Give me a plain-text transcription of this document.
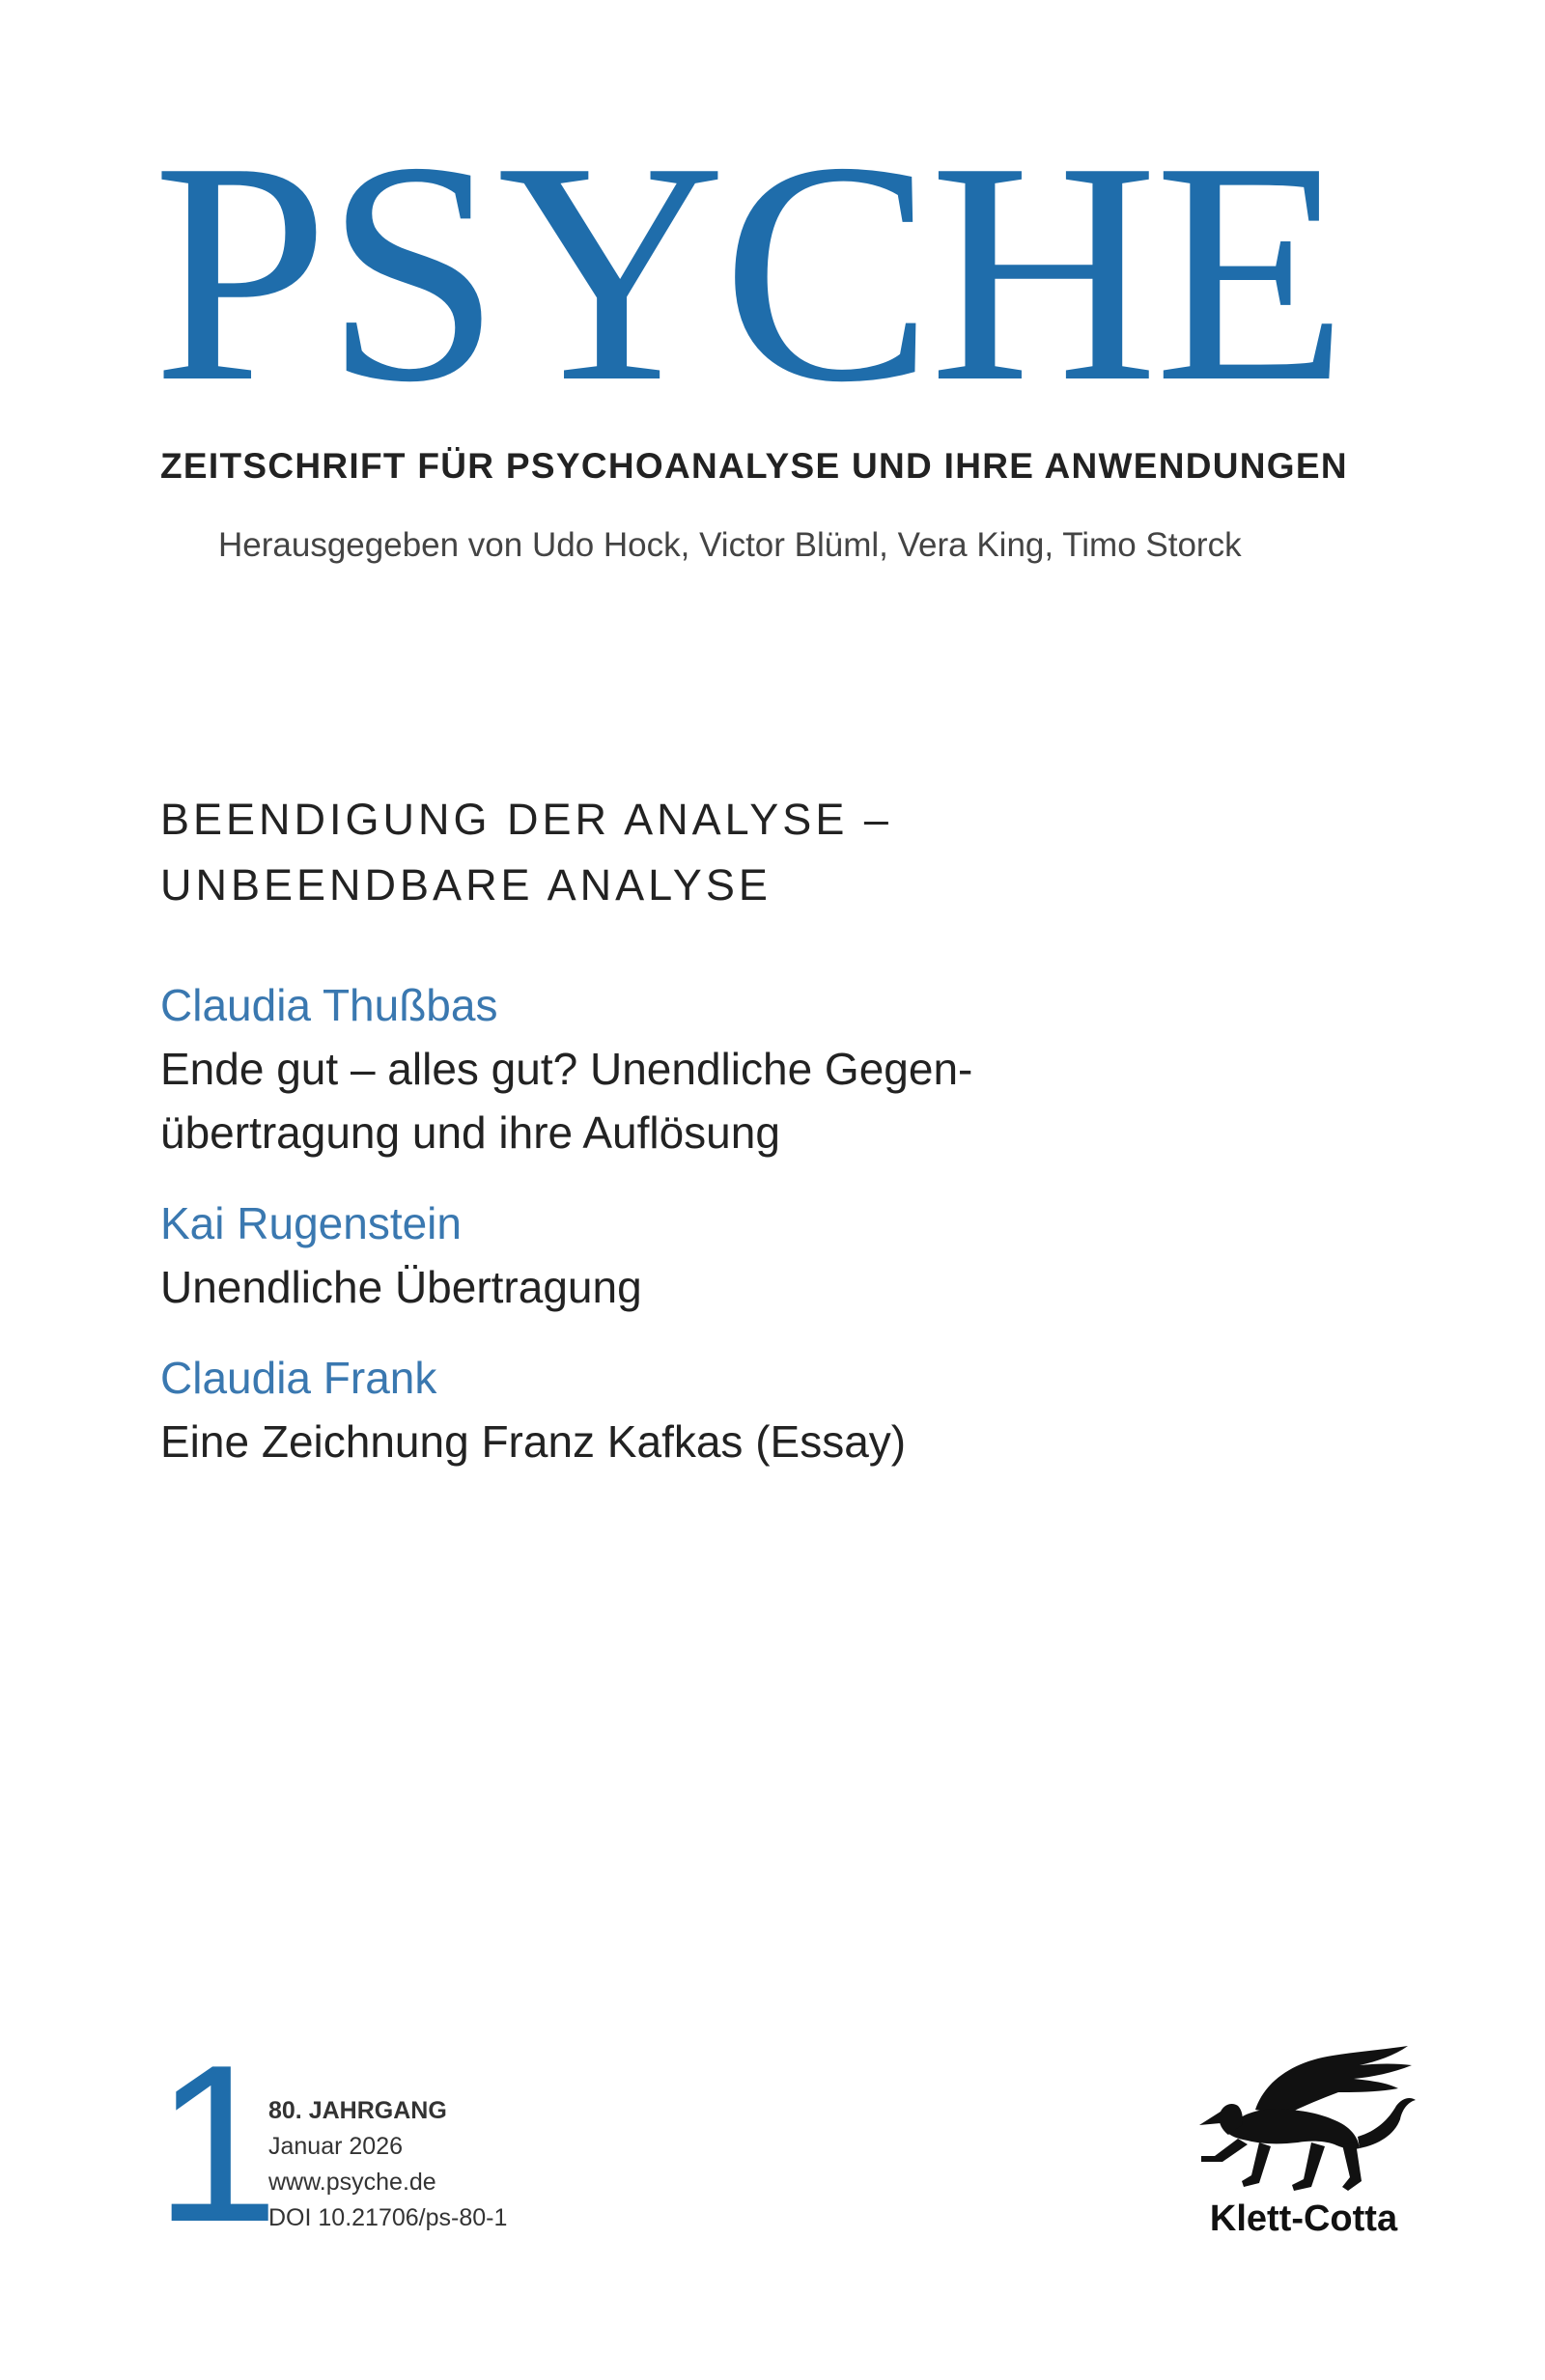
PSYCHE

ZEITSCHRIFT FÜR PSYCHOANALYSE UND IHRE ANWENDUNGEN

Herausgegeben von Udo Hock, Victor Blüml, Vera King, Timo Storck

BEENDIGUNG DER ANALYSE –
UNBEENDBARE ANALYSE
Claudia Thußbas
Ende gut – alles gut? Unendliche Gegen-
übertragung und ihre Auflösung
Kai Rugenstein
Unendliche Übertragung
Claudia Frank
Eine Zeichnung Franz Kafkas (Essay)
1
80. JAHRGANG
Januar 2026
www.psyche.de
DOI 10.21706/ps-80-1	Klett-Cotta
